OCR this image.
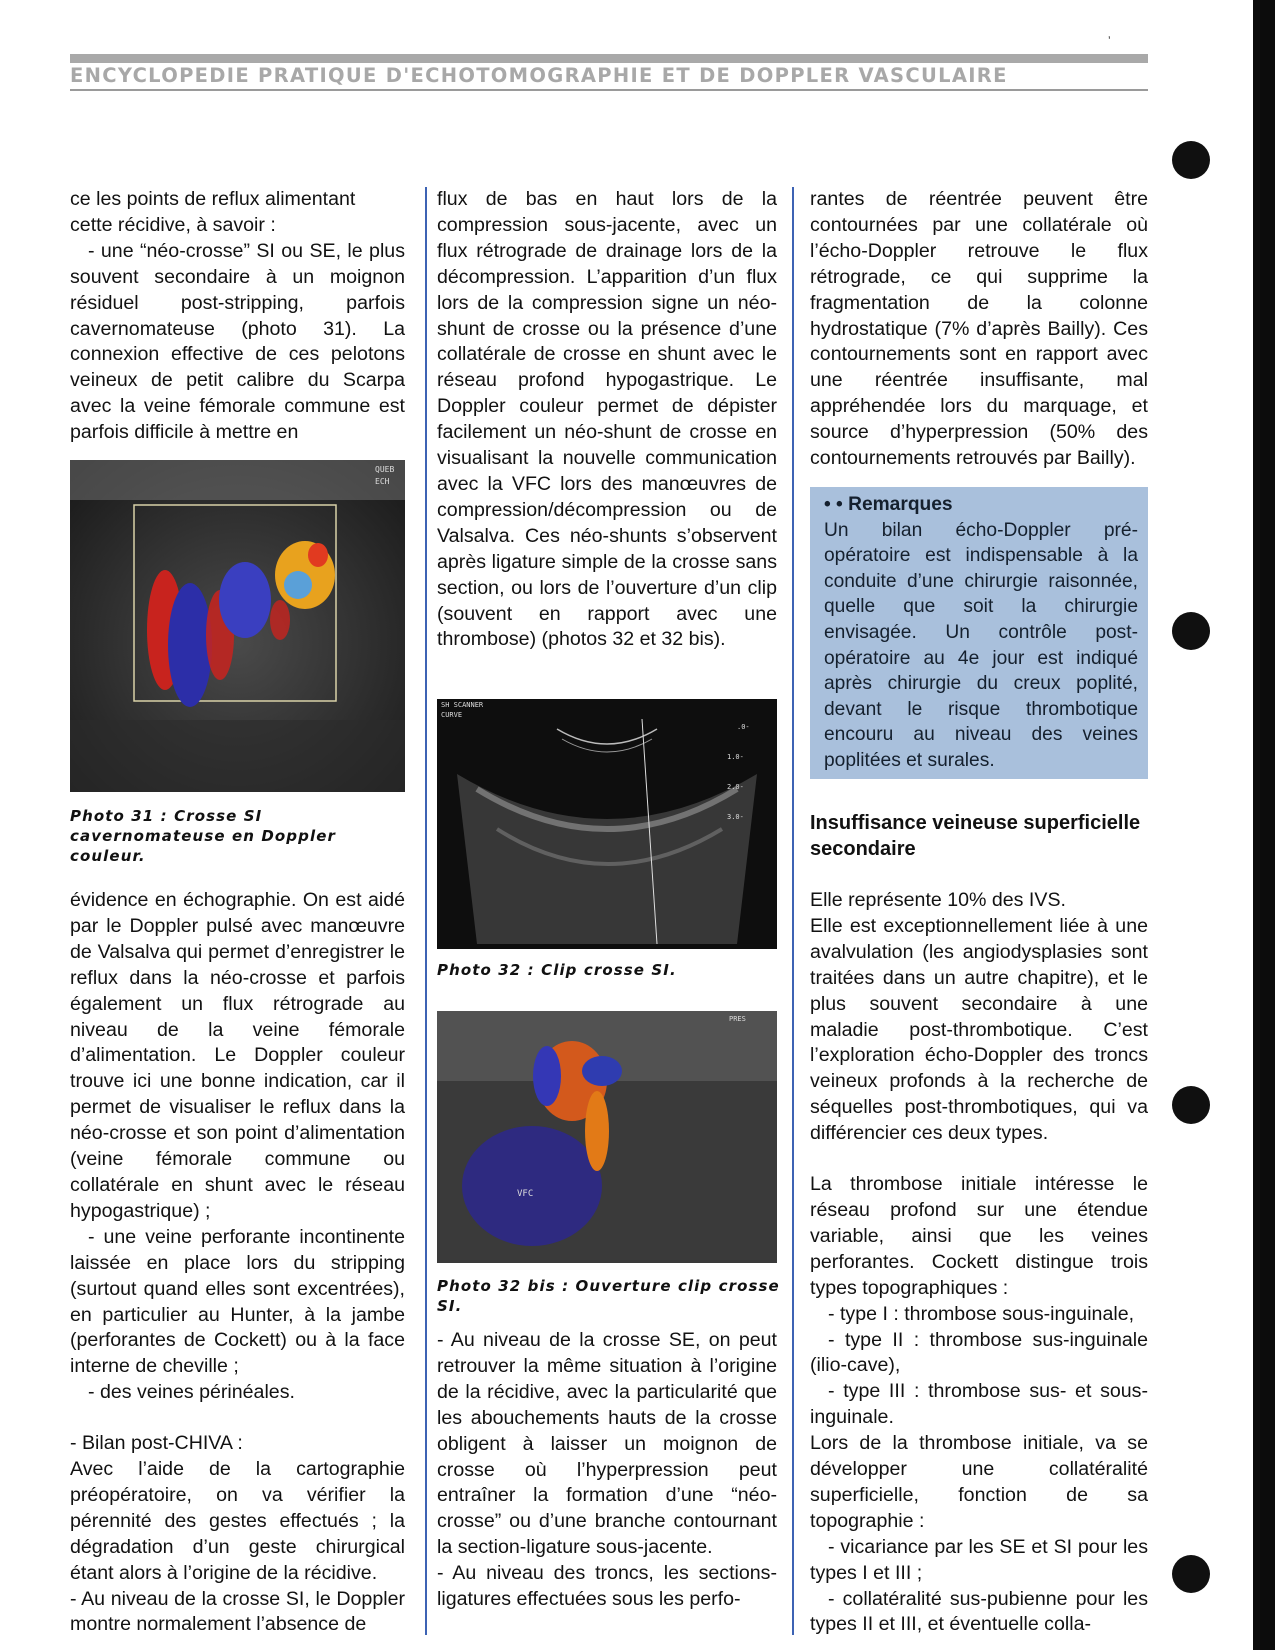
ʼ
ENCYCLOPEDIE PRATIQUE D'ECHOTOMOGRAPHIE ET DE DOPPLER VASCULAIRE

ce les points de reflux alimentant

cette récidive, à savoir :

- une “néo-crosse” SI ou SE, le plus souvent secondaire à un moignon résiduel post-stripping, parfois cavernomateuse (photo 31). La connexion effective de ces pelotons veineux de petit calibre du Scarpa avec la veine fémorale commune est parfois difficile à mettre en

QUEB
ECH
Photo 31 : Crosse SI cavernomateuse en Doppler couleur.

évidence en échographie. On est aidé par le Doppler pulsé avec manœuvre de Valsalva qui permet d’enregistrer le reflux dans la néo-crosse et parfois également un flux rétrograde au niveau de la veine fémorale d’alimentation. Le Doppler couleur trouve ici une bonne indication, car il permet de visualiser le reflux dans la néo-crosse et son point d’alimentation (veine fémorale commune ou collatérale en shunt avec le réseau hypogastrique) ;

- une veine perforante incontinente laissée en place lors du stripping (surtout quand elles sont excentrées), en particulier au Hunter, à la jambe (perforantes de Cockett) ou à la face interne de cheville ;

- des veines périnéales.

- Bilan post-CHIVA :

Avec l’aide de la cartographie préopératoire, on va vérifier la pérennité des gestes effectués ; la dégradation d’un geste chirurgical étant alors à l’origine de la récidive.

- Au niveau de la crosse SI, le Doppler montre normalement l’absence de

flux de bas en haut lors de la compression sous-jacente, avec un flux rétrograde de drainage lors de la décompression. L’apparition d’un flux lors de la compression signe un néo-shunt de crosse ou la présence d’une collatérale de crosse en shunt avec le réseau profond hypogastrique. Le Doppler couleur permet de dépister facilement un néo-shunt de crosse en visualisant la nouvelle communication avec la VFC lors des manœuvres de compression/décompression ou de Valsalva. Ces néo-shunts s’observent après ligature simple de la crosse sans section, ou lors de l’ouverture d’un clip (souvent en rapport avec une thrombose) (photos 32 et 32 bis).

SH SCANNER
CURVE
.0-
1.0-
2.0-
3.0-
Photo 32 : Clip crosse SI.
VFC
PRES
Photo 32 bis : Ouverture clip crosse SI.

- Au niveau de la crosse SE, on peut retrouver la même situation à l’origine de la récidive, avec la particularité que les abouchements hauts de la crosse obligent à laisser un moignon de crosse où l’hyperpression peut entraîner la formation d’une “néo-crosse” ou d’une branche contournant la section-ligature sous-jacente.

- Au niveau des troncs, les sections-ligatures effectuées sous les perfo-

rantes de réentrée peuvent être contournées par une collatérale où l’écho-Doppler retrouve le flux rétrograde, ce qui supprime la fragmentation de la colonne hydrostatique (7% d’après Bailly). Ces contournements sont en rapport avec une réentrée insuffisante, mal appréhendée lors du marquage, et source d’hyperpression (50% des contournements retrouvés par Bailly).

• • Remarques
Un bilan écho-Doppler pré-opératoire est indispensable à la conduite d’une chirurgie raisonnée, quelle que soit la chirurgie envisagée. Un contrôle post-opératoire au 4e jour est indiqué après chirurgie du creux poplité, devant le risque thrombotique encouru au niveau des veines poplitées et surales.
Insuffisance veineuse superficielle secondaire

Elle représente 10% des IVS.

Elle est exceptionnellement liée à une avalvulation (les angiodysplasies sont traitées dans un autre chapitre), et le plus souvent secondaire à une maladie post-thrombotique. C’est l’exploration écho-Doppler des troncs veineux profonds à la recherche de séquelles post-thrombotiques, qui va différencier ces deux types.

La thrombose initiale intéresse le réseau profond sur une étendue variable, ainsi que les veines perforantes. Cockett distingue trois types topographiques :

- type I : thrombose sous-inguinale,

- type II : thrombose sus-inguinale (ilio-cave),

- type III : thrombose sus- et sous-inguinale.

Lors de la thrombose initiale, va se développer une collatéralité superficielle, fonction de sa topographie :

- vicariance par les SE et SI pour les types I et III ;

- collatéralité sus-pubienne pour les types II et III, et éventuelle colla-
